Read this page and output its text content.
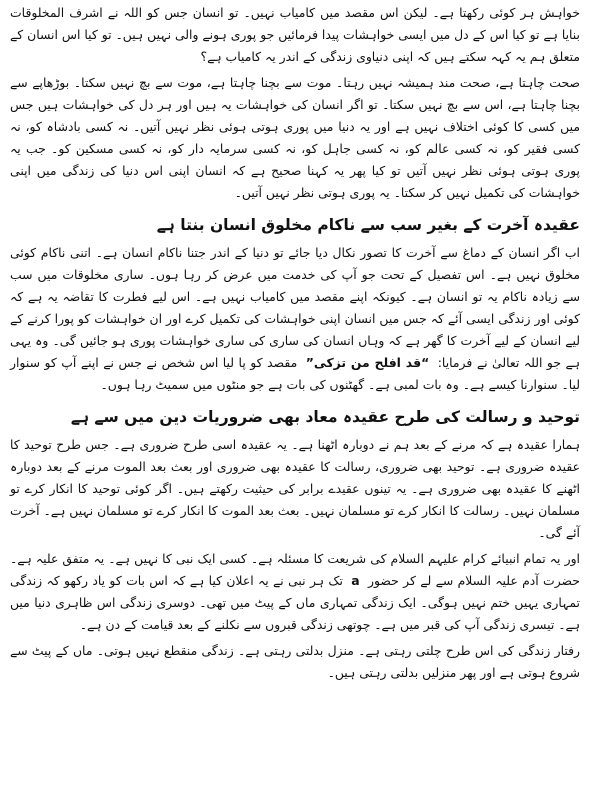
خواہش ہر کوئی رکھتا ہے۔ لیکن اس مقصد میں کامیاب نہیں۔ تو انسان جس کو اللہ نے اشرف المخلوقات بنایا ہے تو کیا اس کے دل میں ایسی خواہشات پیدا فرمائیں جو پوری ہونے والی نہیں ہیں۔ تو کیا اس انسان کے متعلق ہم یہ کہہ سکتے ہیں کہ اپنی دنیاوی زندگی کے اندر یہ کامیاب ہے؟

صحت چاہتا ہے، صحت مند ہمیشہ نہیں رہتا۔ موت سے بچنا چاہتا ہے، موت سے بچ نہیں سکتا۔ بوڑھاپے سے بچنا چاہتا ہے، اس سے بچ نہیں سکتا۔ تو اگر انسان کی خواہشات یہ ہیں اور ہر دل کی خواہشات ہیں جس میں کسی کا کوئی اختلاف نہیں ہے اور یہ دنیا میں پوری ہوتی ہوئی نظر نہیں آتیں۔ نہ کسی بادشاہ کو، نہ کسی فقیر کو، نہ کسی عالم کو، نہ کسی جاہل کو، نہ کسی سرمایہ دار کو، نہ کسی مسکین کو۔ جب یہ پوری ہوتی ہوئی نظر نہیں آتیں تو کیا پھر یہ کہنا صحیح ہے کہ انسان اپنی اس دنیا کی زندگی میں اپنی خواہشات کی تکمیل نہیں کر سکتا۔ یہ پوری ہوتی نظر نہیں آتیں۔

عقیدہ آخرت کے بغیر سب سے ناکام مخلوق انسان بنتا ہے

اب اگر انسان کے دماغ سے آخرت کا تصور نکال دیا جائے تو دنیا کے اندر جتنا ناکام انسان ہے۔ اتنی ناکام کوئی مخلوق نہیں ہے۔ اس تفصیل کے تحت جو آپ کی خدمت میں عرض کر رہا ہوں۔ ساری مخلوقات میں سب سے زیادہ ناکام یہ تو انسان ہے۔ کیونکہ اپنے مقصد میں کامیاب نہیں ہے۔ اس لیے فطرت کا تقاضہ یہ ہے کہ کوئی اور زندگی ایسی آئے کہ جس میں انسان اپنی خواہشات کی تکمیل کرے اور ان خواہشات کو پورا کرنے کے لیے انسان کے لیے آخرت کا گھر ہے کہ وہاں انسان کی ساری کی ساری خواہشات پوری ہو جائیں گی۔ وہ یہی ہے جو اللہ تعالیٰ نے فرمایا: ”قد افلح من تزکی“ مقصد کو پا لیا اس شخص نے جس نے اپنے آپ کو سنوار لیا۔ سنوارنا کیسے ہے۔ وہ بات لمبی ہے۔ گھٹنوں کی بات ہے جو منٹوں میں سمیٹ رہا ہوں۔

توحید و رسالت کی طرح عقیدہ معاد بھی ضروریات دین میں سے ہے

ہمارا عقیدہ ہے کہ مرنے کے بعد ہم نے دوبارہ اٹھنا ہے۔ یہ عقیدہ اسی طرح ضروری ہے۔ جس طرح توحید کا عقیدہ ضروری ہے۔ توحید بھی ضروری، رسالت کا عقیدہ بھی ضروری اور بعث بعد الموت مرنے کے بعد دوبارہ اٹھنے کا عقیدہ بھی ضروری ہے۔ یہ تینوں عقیدے برابر کی حیثیت رکھتے ہیں۔ اگر کوئی توحید کا انکار کرے تو مسلمان نہیں۔ رسالت کا انکار کرے تو مسلمان نہیں۔ بعث بعد الموت کا انکار کرے تو مسلمان نہیں ہے۔ آخرت آئے گی۔

اور یہ تمام انبیائے کرام علیہم السلام کی شریعت کا مسئلہ ہے۔ کسی ایک نبی کا نہیں ہے۔ یہ متفق علیہ ہے۔ حضرت آدم علیہ السلام سے لے کر حضور a تک ہر نبی نے یہ اعلان کیا ہے کہ اس بات کو یاد رکھو کہ زندگی تمہاری یہیں ختم نہیں ہوگی۔ ایک زندگی تمہاری ماں کے پیٹ میں تھی۔ دوسری زندگی اس ظاہری دنیا میں ہے۔ تیسری زندگی آپ کی قبر میں ہے۔ چوتھی زندگی قبروں سے نکلنے کے بعد قیامت کے دن ہے۔

رفتار زندگی کی اس طرح چلتی رہتی ہے۔ منزل بدلتی رہتی ہے۔ زندگی منقطع نہیں ہوتی۔ ماں کے پیٹ سے شروع ہوتی ہے اور پھر منزلیں بدلتی رہتی ہیں۔
